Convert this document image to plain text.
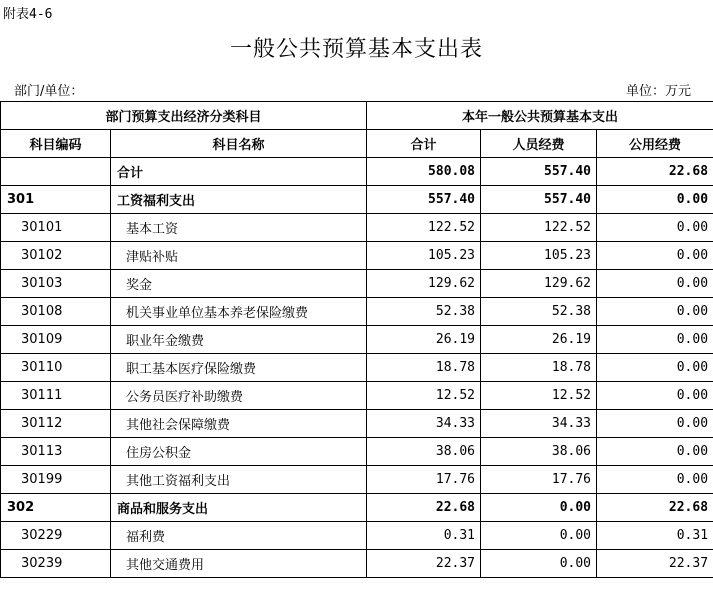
附表4-6
一般公共预算基本支出表
部门/单位：	单位：万元
部门预算支出经济分类科目		本年一般公共预算基本支出		
科目编码	科目名称	合计	人员经费	公用经费
	合计	580.08	557.40	22.68
301	工资福利支出	557.40	557.40	0.00
30101	基本工资	122.52	122.52	0.00
30102	津贴补贴	105.23	105.23	0.00
30103	奖金	129.62	129.62	0.00
30108	机关事业单位基本养老保险缴费	52.38	52.38	0.00
30109	职业年金缴费	26.19	26.19	0.00
30110	职工基本医疗保险缴费	18.78	18.78	0.00
30111	公务员医疗补助缴费	12.52	12.52	0.00
30112	其他社会保障缴费	34.33	34.33	0.00
30113	住房公积金	38.06	38.06	0.00
30199	其他工资福利支出	17.76	17.76	0.00
302	商品和服务支出	22.68	0.00	22.68
30229	福利费	0.31	0.00	0.31
30239	其他交通费用	22.37	0.00	22.37
